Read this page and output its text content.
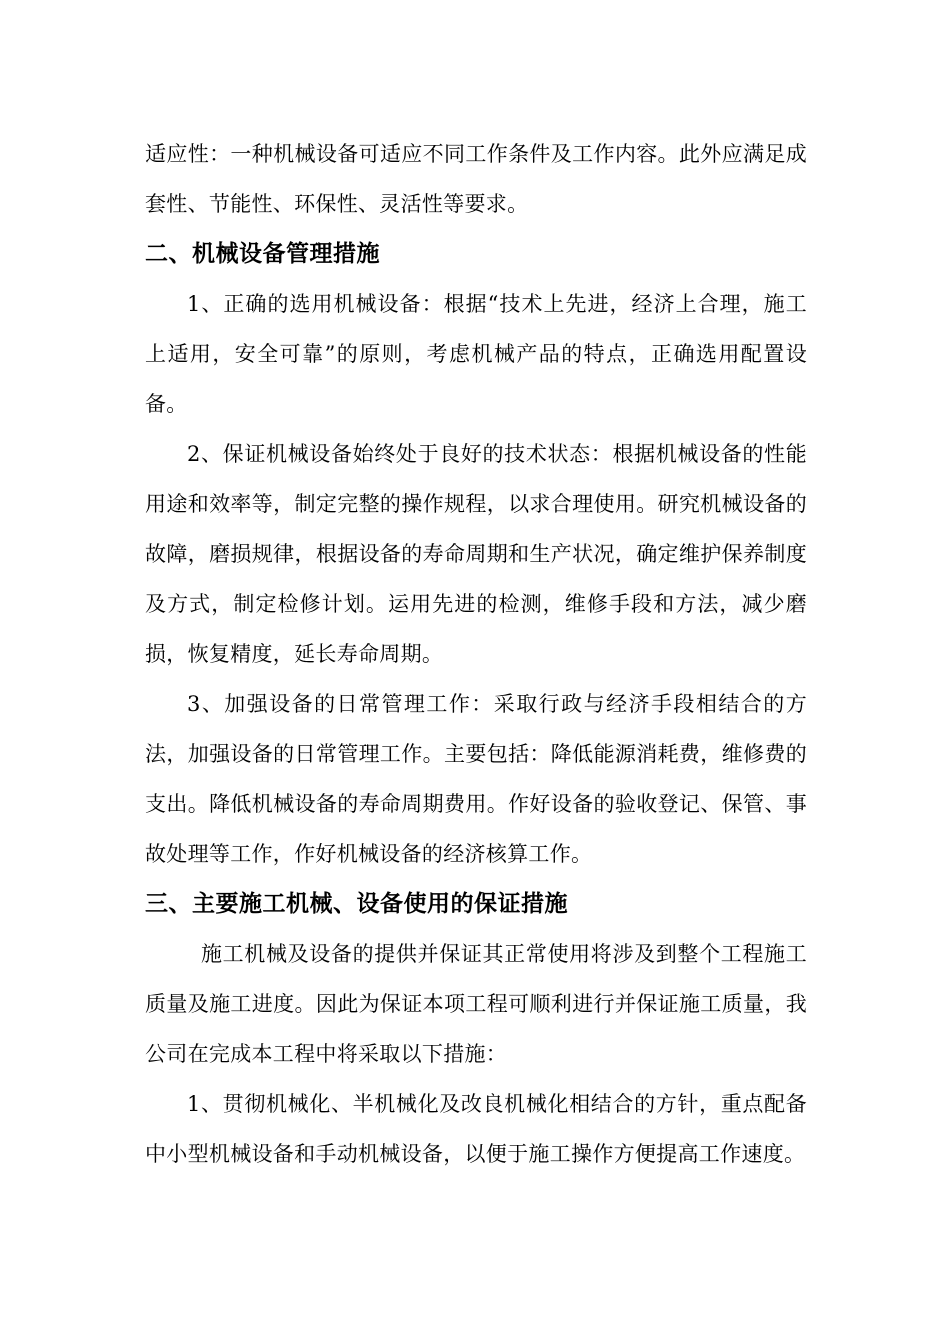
适应性：一种机械设备可适应不同工作条件及工作内容。此外应满足成套性、节能性、环保性、灵活性等要求。

二、机械设备管理措施

1、正确的选用机械设备：根据“技术上先进，经济上合理，施工上适用，安全可靠”的原则，考虑机械产品的特点，正确选用配置设备。

2、保证机械设备始终处于良好的技术状态：根据机械设备的性能用途和效率等，制定完整的操作规程，以求合理使用。研究机械设备的故障，磨损规律，根据设备的寿命周期和生产状况，确定维护保养制度及方式，制定检修计划。运用先进的检测，维修手段和方法，减少磨损，恢复精度，延长寿命周期。

3、加强设备的日常管理工作：采取行政与经济手段相结合的方法，加强设备的日常管理工作。主要包括：降低能源消耗费，维修费的支出。降低机械设备的寿命周期费用。作好设备的验收登记、保管、事故处理等工作，作好机械设备的经济核算工作。

三、主要施工机械、设备使用的保证措施

施工机械及设备的提供并保证其正常使用将涉及到整个工程施工质量及施工进度。因此为保证本项工程可顺利进行并保证施工质量，我公司在完成本工程中将采取以下措施：

1、贯彻机械化、半机械化及改良机械化相结合的方针，重点配备中小型机械设备和手动机械设备，以便于施工操作方便提高工作速度。
